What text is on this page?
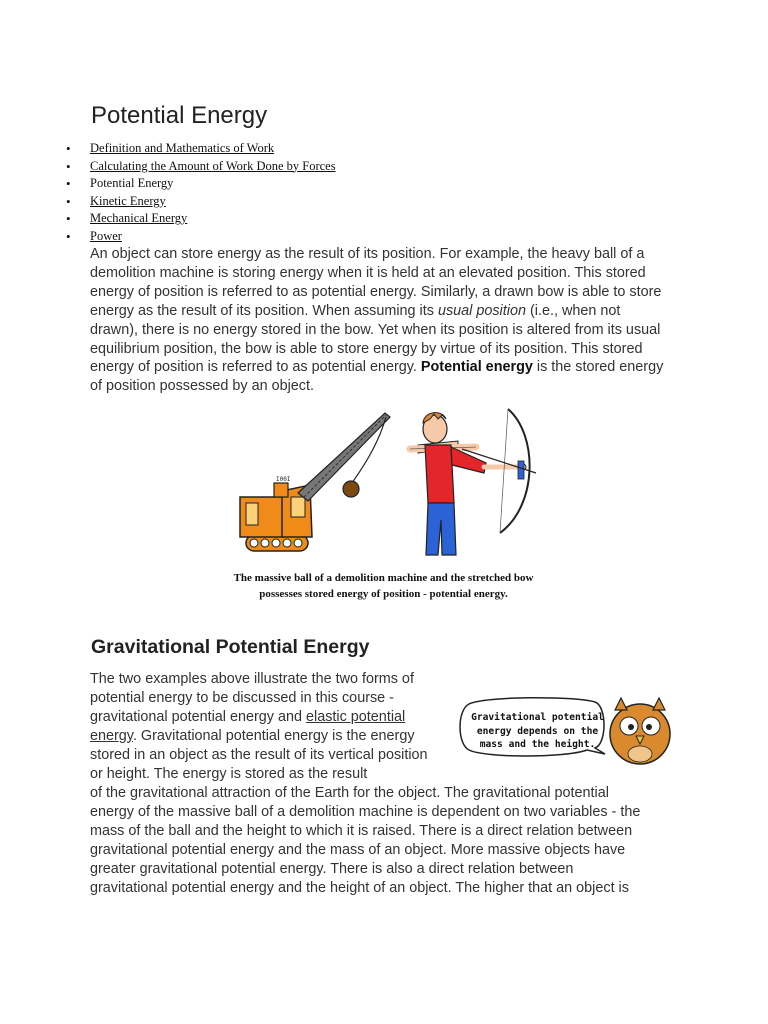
Potential Energy
• Definition and Mathematics of Work
• Calculating the Amount of Work Done by Forces
• Potential Energy
• Kinetic Energy
• Mechanical Energy
• Power

An object can store energy as the result of its position. For example, the heavy ball of a demolition machine is storing energy when it is held at an elevated position. This stored energy of position is referred to as potential energy. Similarly, a drawn bow is able to store energy as the result of its position. When assuming its usual position (i.e., when not drawn), there is no energy stored in the bow. Yet when its position is altered from its usual equilibrium position, the bow is able to store energy by virtue of its position. This stored energy of position is referred to as potential energy. Potential energy is the stored energy of position possessed by an object.

I00I
The massive ball of a demolition machine and the stretched bow
possesses stored energy of position - potential energy.
Gravitational Potential Energy

The two examples above illustrate the two forms of potential energy to be discussed in this course - gravitational potential energy and elastic potential energy. Gravitational potential energy is the energy stored in an object as the result of its vertical position or height. The energy is stored as the result

Gravitational potential
energy depends on the
mass and the height.

of the gravitational attraction of the Earth for the object. The gravitational potential energy of the massive ball of a demolition machine is dependent on two variables - the mass of the ball and the height to which it is raised. There is a direct relation between gravitational potential energy and the mass of an object. More massive objects have greater gravitational potential energy. There is also a direct relation between gravitational potential energy and the height of an object. The higher that an object is
